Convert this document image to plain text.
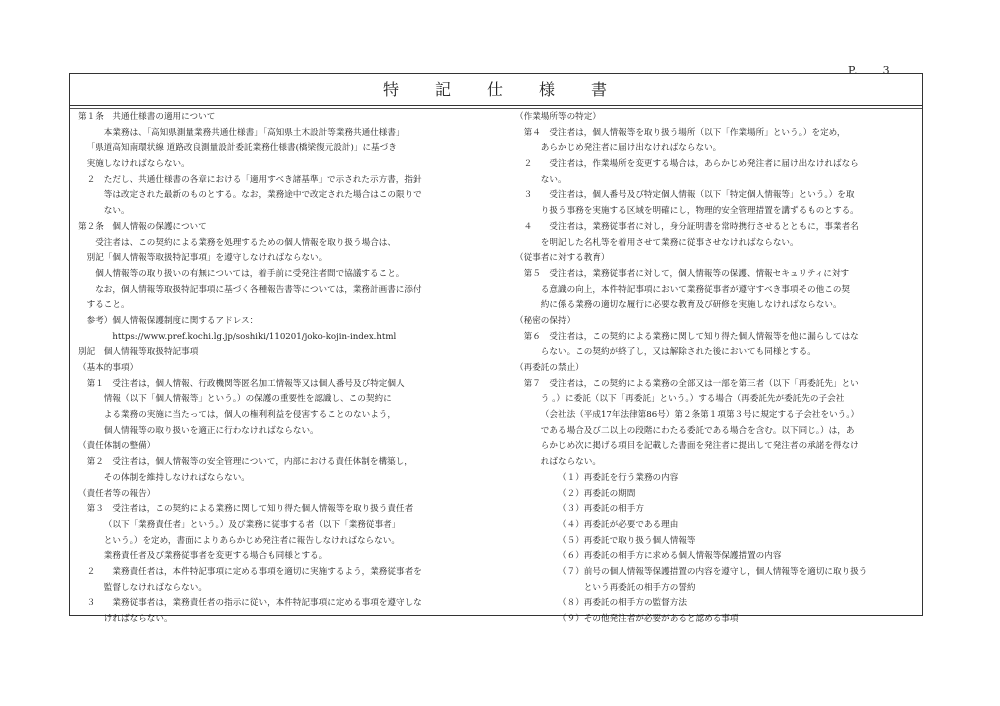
P.　　3
特　記　仕　様　書
第１条　共通仕様書の適用について
本業務は、「高知県測量業務共通仕様書」「高知県土木設計等業務共通仕様書」
「県道高知南環状線 道路改良測量設計委託業務仕様書(橋梁復元設計)」に基づき
実施しなければならない。
２　ただし、共通仕様書の各章における「適用すべき諸基準」で示された示方書，指針
等は改定された最新のものとする。なお，業務途中で改定された場合はこの限りで
ない。
第２条　個人情報の保護について
受注者は、この契約による業務を処理するための個人情報を取り扱う場合は、
別記「個人情報等取扱特記事項」を遵守しなければならない。
個人情報等の取り扱いの有無については，着手前に受発注者間で協議すること。
なお，個人情報等取扱特記事項に基づく各種報告書等については，業務計画書に添付
すること。
参考）個人情報保護制度に関するアドレス：
https://www.pref.kochi.lg.jp/soshiki/110201/joko-kojin-index.html
別記　個人情報等取扱特記事項
（基本的事項）
第１　受注者は，個人情報、行政機関等匿名加工情報等又は個人番号及び特定個人
情報（以下「個人情報等」という。）の保護の重要性を認識し、この契約に
よる業務の実施に当たっては，個人の権利利益を侵害することのないよう，
個人情報等の取り扱いを適正に行わなければならない。
（責任体制の整備）
第２　受注者は，個人情報等の安全管理について，内部における責任体制を構築し，
その体制を維持しなければならない。
（責任者等の報告）
第３　受注者は，この契約による業務に関して知り得た個人情報等を取り扱う責任者
（以下「業務責任者」という。）及び業務に従事する者（以下「業務従事者」
という。）を定め，書面によりあらかじめ発注者に報告しなければならない。
業務責任者及び業務従事者を変更する場合も同様とする。
２　　業務責任者は，本件特記事項に定める事項を適切に実施するよう，業務従事者を
監督しなければならない。
３　　業務従事者は，業務責任者の指示に従い，本件特記事項に定める事項を遵守しな
ければならない。
（作業場所等の特定）
第４　受注者は，個人情報等を取り扱う場所（以下「作業場所」という。）を定め，
あらかじめ発注者に届け出なければならない。
２　　受注者は，作業場所を変更する場合は，あらかじめ発注者に届け出なければなら
ない。
３　　受注者は，個人番号及び特定個人情報（以下「特定個人情報等」という。）を取
り扱う事務を実施する区域を明確にし，物理的安全管理措置を講ずるものとする。
４　　受注者は，業務従事者に対し，身分証明書を常時携行させるとともに，事業者名
を明記した名札等を着用させて業務に従事させなければならない。
（従事者に対する教育）
第５　受注者は，業務従事者に対して，個人情報等の保護、情報セキュリティに対す
る意識の向上，本件特記事項において業務従事者が遵守すべき事項その他この契
約に係る業務の適切な履行に必要な教育及び研修を実施しなければならない。
（秘密の保持）
第６　受注者は，この契約による業務に関して知り得た個人情報等を他に漏らしてはな
らない。この契約が終了し，又は解除された後においても同様とする。
（再委託の禁止）
第７　受注者は，この契約による業務の全部又は一部を第三者（以下「再委託先」とい
う 。）に委託（以下「再委託」という。）する場合（再委託先が委託先の子会社
（会社法（平成17年法律第86号）第２条第１項第３号に規定する子会社をいう。）
である場合及び二以上の段階にわたる委託である場合を含む。以下同じ。）は，あ
らかじめ次に掲げる項目を記載した書面を発注者に提出して発注者の承諾を得なけ
ればならない。
（１）再委託を行う業務の内容
（２）再委託の期間
（３）再委託の相手方
（４）再委託が必要である理由
（５）再委託で取り扱う個人情報等
（６）再委託の相手方に求める個人情報等保護措置の内容
（７）前号の個人情報等保護措置の内容を遵守し，個人情報等を適切に取り扱う
という再委託の相手方の誓約
（８）再委託の相手方の監督方法
（９）その他発注者が必要があると認める事項
